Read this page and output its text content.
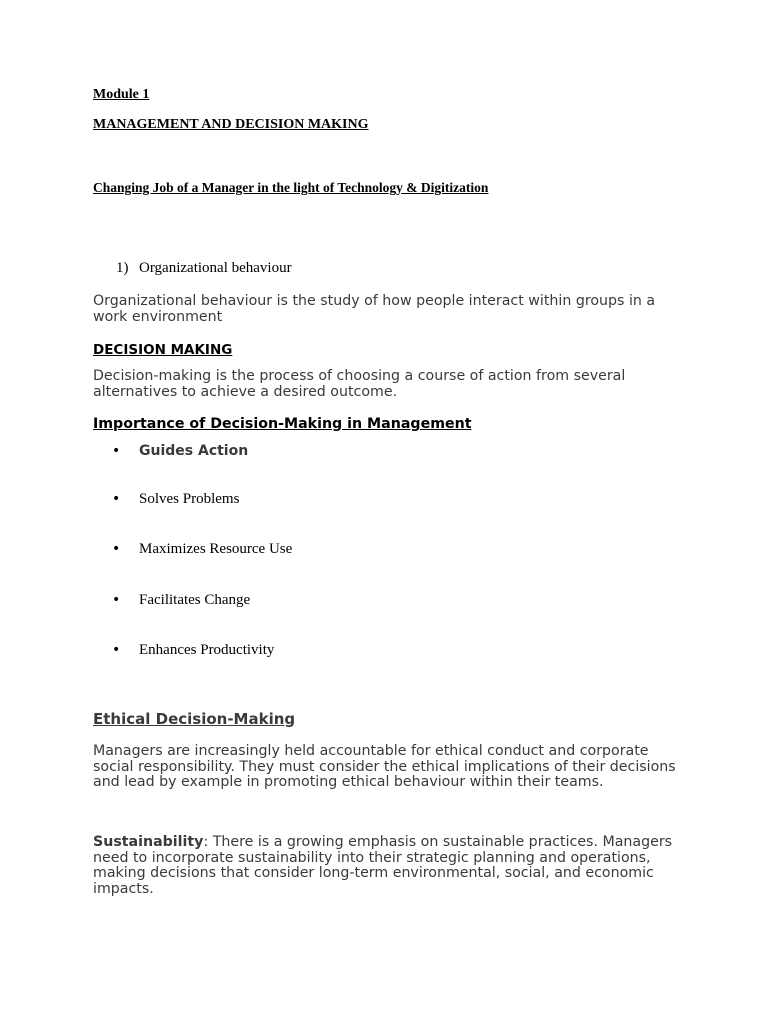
Module 1
MANAGEMENT AND DECISION MAKING
Changing Job of a Manager in the light of Technology & Digitization
1) Organizational behaviour
Organizational behaviour is the study of how people interact within groups in a work environment
DECISION MAKING
Decision-making is the process of choosing a course of action from several alternatives to achieve a desired outcome.
Importance of Decision-Making in Management
• Guides Action
• Solves Problems
• Maximizes Resource Use
• Facilitates Change
• Enhances Productivity
Ethical Decision-Making
Managers are increasingly held accountable for ethical conduct and corporate social responsibility. They must consider the ethical implications of their decisions and lead by example in promoting ethical behaviour within their teams.
Sustainability: There is a growing emphasis on sustainable practices. Managers need to incorporate sustainability into their strategic planning and operations, making decisions that consider long-term environmental, social, and economic impacts.
